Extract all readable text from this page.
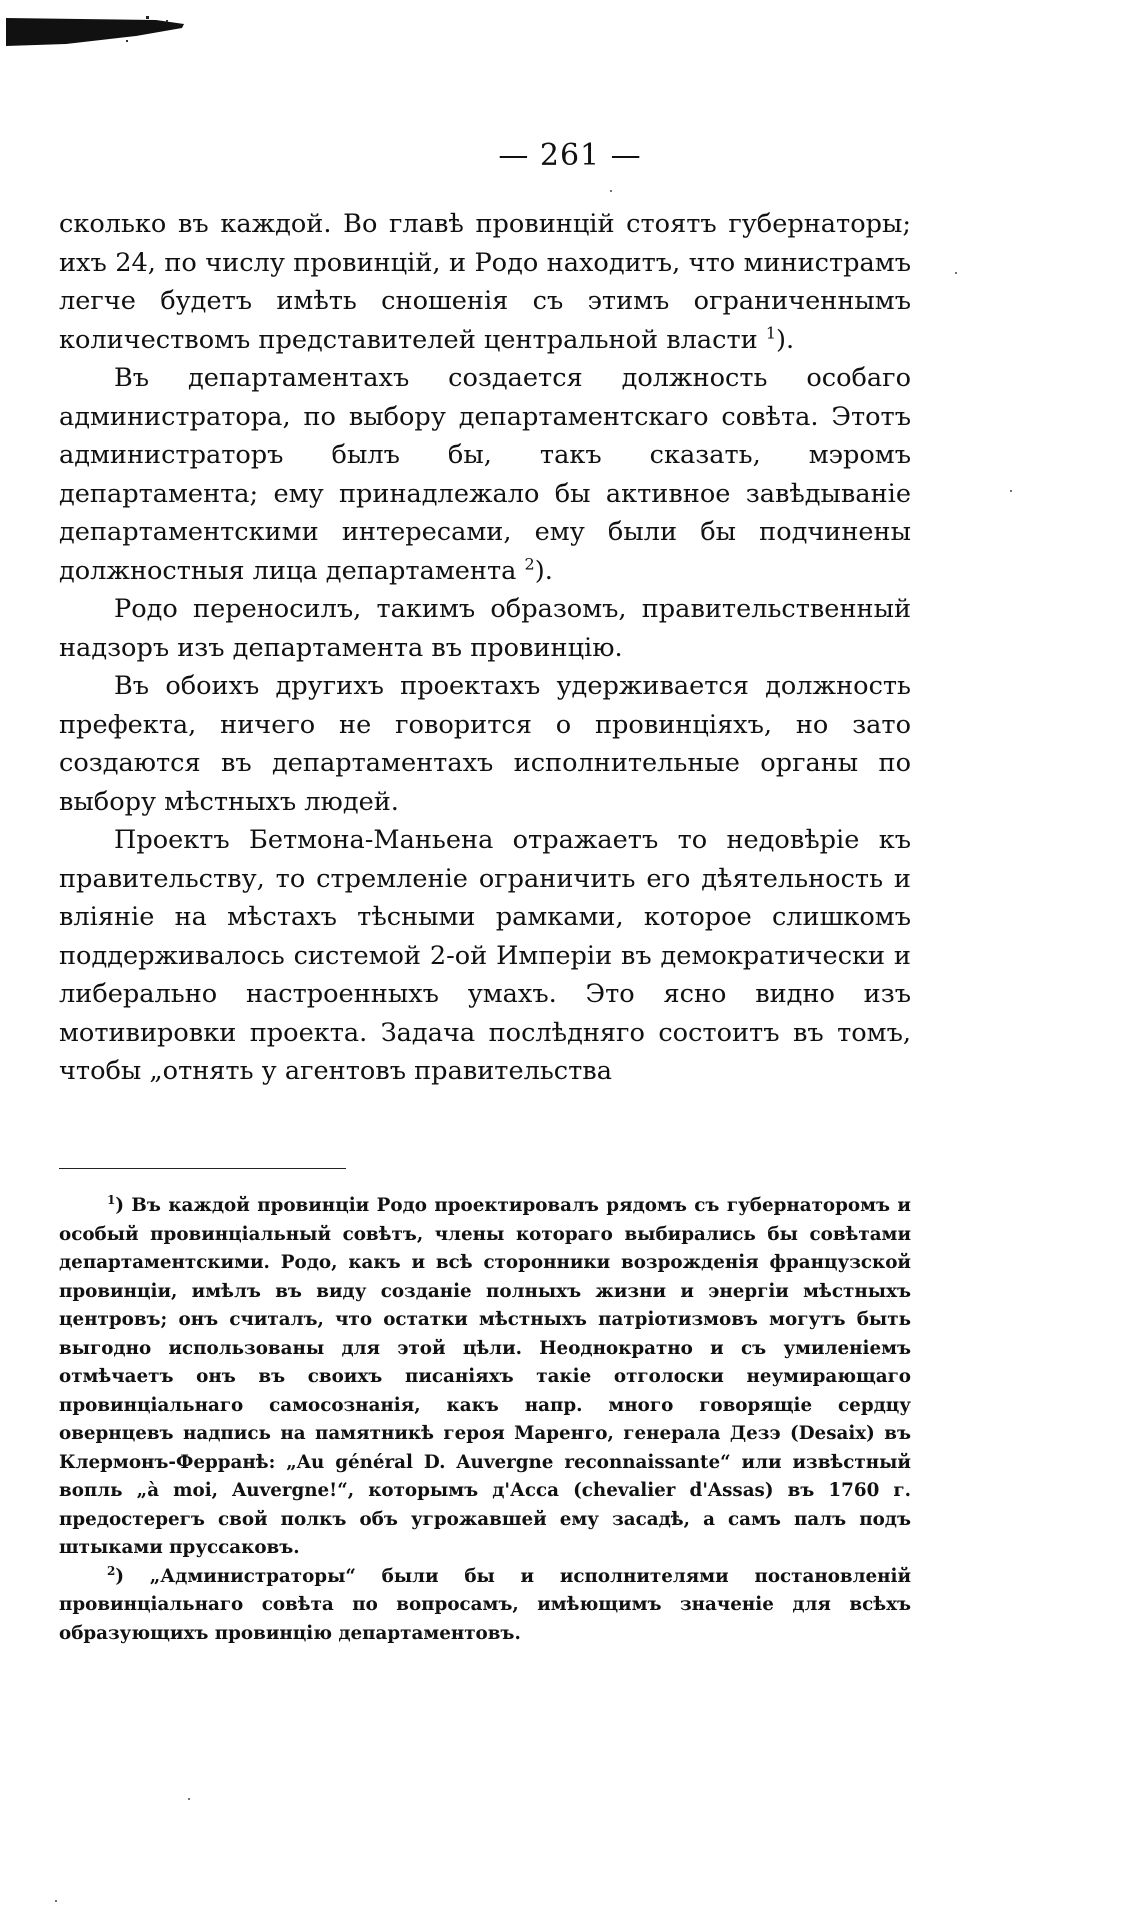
— 261 —

сколько въ каждой. Во главѣ провинцій стоятъ губернаторы; ихъ 24, по числу провинцій, и Родо находитъ, что министрамъ легче будетъ имѣть сношенія съ этимъ ограниченнымъ количествомъ представителей центральной власти $^1$).

Въ департаментахъ создается должность особаго администратора, по выбору департаментскаго совѣта. Этотъ администраторъ былъ бы, такъ сказать, мэромъ департамента; ему принадлежало бы активное завѣдываніе департаментскими интересами, ему были бы подчинены должностныя лица департамента $^2$).

Родо переносилъ, такимъ образомъ, правительственный надзоръ изъ департамента въ провинцію.

Въ обоихъ другихъ проектахъ удерживается должность префекта, ничего не говорится о провинціяхъ, но зато создаются въ департаментахъ исполнительные органы по выбору мѣстныхъ людей.

Проектъ Бетмона-Маньена отражаетъ то недовѣріе къ правительству, то стремленіе ограничить его дѣятельность и вліяніе на мѣстахъ тѣсными рамками, которое слишкомъ поддерживалось системой 2-ой Имперіи въ демократически и либерально настроенныхъ умахъ. Это ясно видно изъ мотивировки проекта. Задача послѣдняго состоитъ въ томъ, чтобы „отнять у агентовъ правительства

$^1$) Въ каждой провинціи Родо проектировалъ рядомъ съ губернаторомъ и особый провинціальный совѣтъ, члены котораго выбирались бы совѣтами департаментскими. Родо, какъ и всѣ сторонники возрожденія французской провинціи, имѣлъ въ виду созданіе полныхъ жизни и энергіи мѣстныхъ центровъ; онъ считалъ, что остатки мѣстныхъ патріотизмовъ могутъ быть выгодно использованы для этой цѣли. Неоднократно и съ умиленіемъ отмѣчаетъ онъ въ своихъ писаніяхъ такіе отголоски неумирающаго провинціальнаго самосознанія, какъ напр. много говорящіе сердцу овернцевъ надпись на памятникѣ героя Маренго, генерала Дезэ (Desaix) въ Клермонъ-Ферранѣ: „Au général D. Auvergne reconnaissante“ или извѣстный вопль „à moi, Auvergne!“, которымъ д'Асса (chevalier d'Assas) въ 1760 г. предостерегъ свой полкъ объ угрожавшей ему засадѣ, а самъ палъ подъ штыками пруссаковъ.

$^2$) „Администраторы“ были бы и исполнителями постановленій провинціальнаго совѣта по вопросамъ, имѣющимъ значеніе для всѣхъ образующихъ провинцію департаментовъ.
